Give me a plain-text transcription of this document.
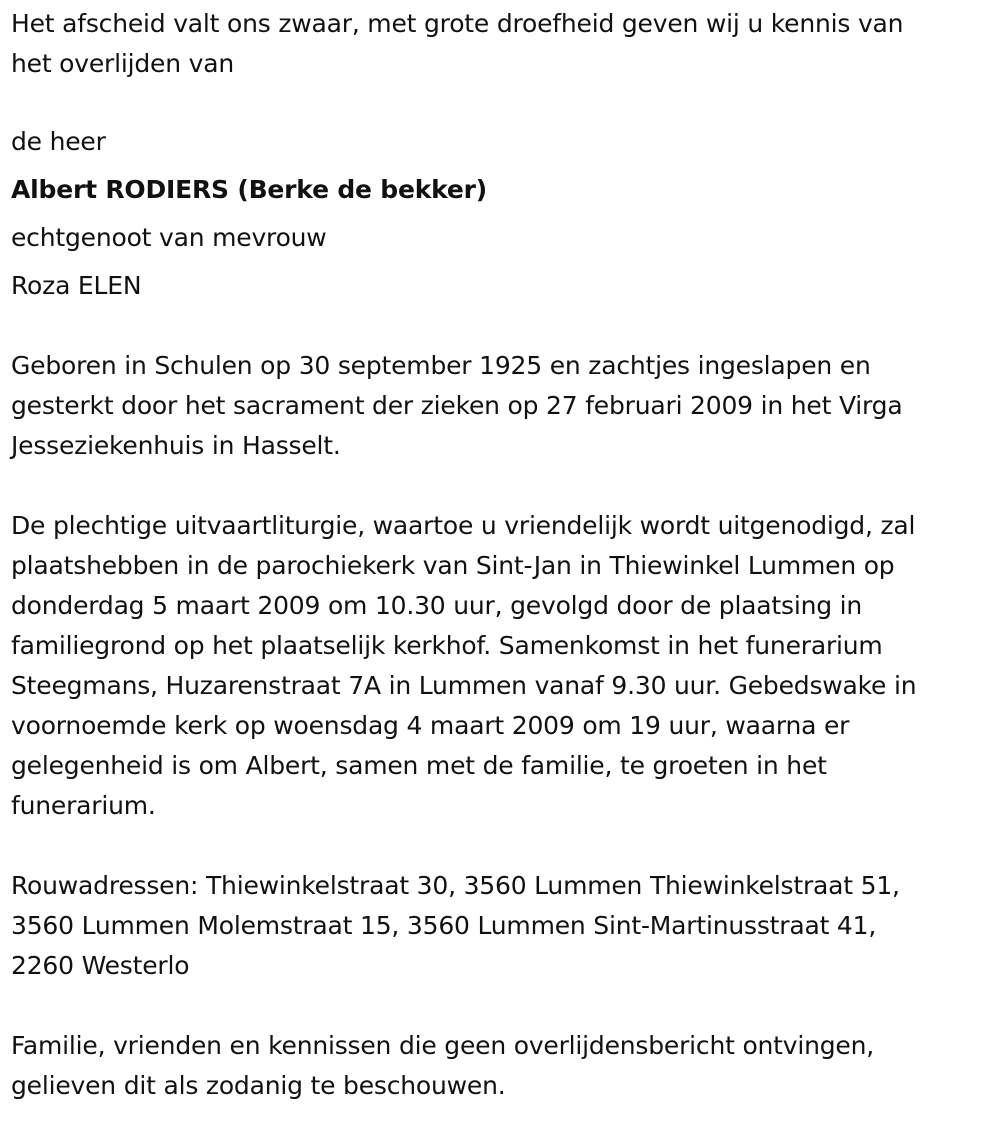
Het afscheid valt ons zwaar, met grote droefheid geven wij u kennis van

het overlijden van

de heer

Albert RODIERS (Berke de bekker)

echtgenoot van mevrouw

Roza ELEN

Geboren in Schulen op 30 september 1925 en zachtjes ingeslapen en

gesterkt door het sacrament der zieken op 27 februari 2009 in het Virga

Jesseziekenhuis in Hasselt.

De plechtige uitvaartliturgie, waartoe u vriendelijk wordt uitgenodigd, zal

plaatshebben in de parochiekerk van Sint-Jan in Thiewinkel Lummen op

donderdag 5 maart 2009 om 10.30 uur, gevolgd door de plaatsing in

familiegrond op het plaatselijk kerkhof. Samenkomst in het funerarium

Steegmans, Huzarenstraat 7A in Lummen vanaf 9.30 uur. Gebedswake in

voornoemde kerk op woensdag 4 maart 2009 om 19 uur, waarna er

gelegenheid is om Albert, samen met de familie, te groeten in het

funerarium.

Rouwadressen: Thiewinkelstraat 30, 3560 Lummen Thiewinkelstraat 51,

3560 Lummen Molemstraat 15, 3560 Lummen Sint-Martinusstraat 41,

2260 Westerlo

Familie, vrienden en kennissen die geen overlijdensbericht ontvingen,

gelieven dit als zodanig te beschouwen.
